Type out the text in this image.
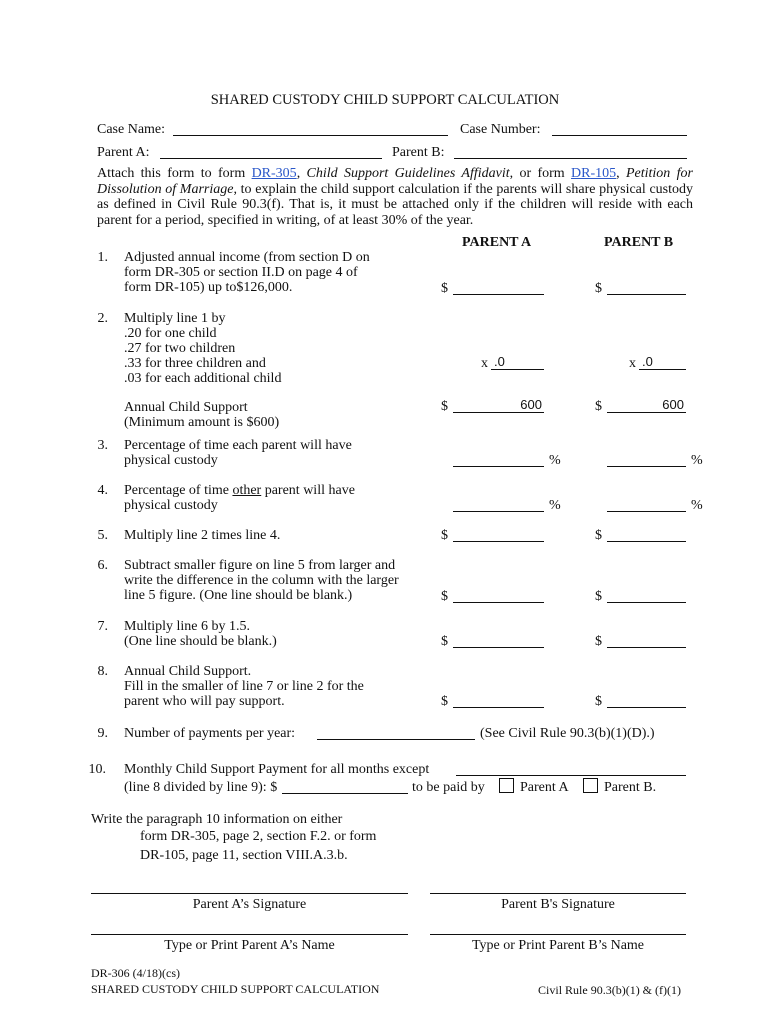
SHARED CUSTODY CHILD SUPPORT CALCULATION
Case Name:	Case Number:
Parent A:	Parent B:
Attach this form to form DR-305, Child Support Guidelines Affidavit, or form DR-105, Petition for Dissolution of Marriage, to explain the child support calculation if the parents will share physical custody as defined in Civil Rule 90.3(f). That is, it must be attached only if the children will reside with each parent for a period, specified in writing, of at least 30% of the year.
PARENT A	PARENT B
1. Adjusted annual income (from section D on
form DR-305 or section II.D on page 4 of
form DR-105) up to$126,000.	$	$
2. Multiply line 1 by
.20 for one child
.27 for two children
.33 for three children and
.03 for each additional child
x .0	x .0
Annual Child Support
(Minimum amount is $600)
$	600	$	600
3. Percentage of time each parent will have
physical custody	%	%
4. Percentage of time other parent will have
physical custody	%	%
5. Multiply line 2 times line 4.	$	$
6. Subtract smaller figure on line 5 from larger and
write the difference in the column with the larger
line 5 figure. (One line should be blank.)	$	$
7. Multiply line 6 by 1.5.
(One line should be blank.)	$	$
8. Annual Child Support.
Fill in the smaller of line 7 or line 2 for the
parent who will pay support.	$	$
9. Number of payments per year:	(See Civil Rule 90.3(b)(1)(D).)
10. Monthly Child Support Payment for all months except
(line 8 divided by line 9): $	to be paid by	Parent A	Parent B.
Write the paragraph 10 information on either
form DR-305, page 2, section F.2. or form
DR-105, page 11, section VIII.A.3.b.
Parent A’s Signature	Parent B's Signature
Type or Print Parent A’s Name	Type or Print Parent B’s Name
DR-306 (4/18)(cs)
SHARED CUSTODY CHILD SUPPORT CALCULATION	Civil Rule 90.3(b)(1) & (f)(1)
